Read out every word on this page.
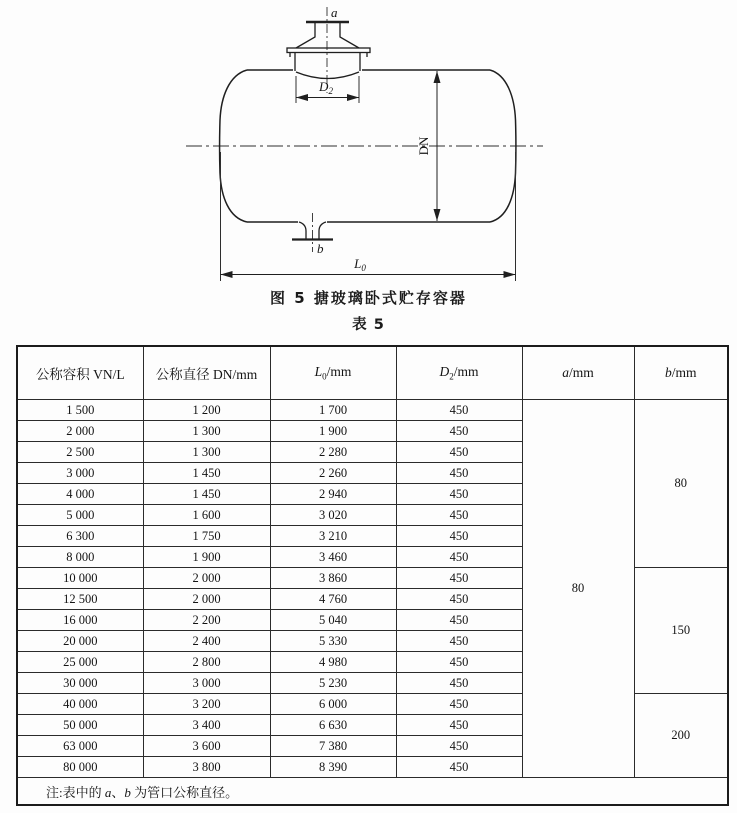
a
$D_2$
DN
b
$L_0$
图 5 搪玻璃卧式贮存容器
表 5
公称容积 VN/L	公称直径 DN/mm	$L_0/mm$	$D_2/mm$	a/mm	b/mm
1 500	1 200	1 700	450	80	80
2 000	1 300	1 900	450		
2 500	1 300	2 280	450		
3 000	1 450	2 260	450		
4 000	1 450	2 940	450		
5 000	1 600	3 020	450		
6 300	1 750	3 210	450		
8 000	1 900	3 460	450		
10 000	2 000	3 860	450		150
12 500	2 000	4 760	450		
16 000	2 200	5 040	450		
20 000	2 400	5 330	450		
25 000	2 800	4 980	450		
30 000	3 000	5 230	450		
40 000	3 200	6 000	450		200
50 000	3 400	6 630	450		
63 000	3 600	7 380	450		
80 000	3 800	8 390	450		
注:表中的 a、b 为管口公称直径。					
